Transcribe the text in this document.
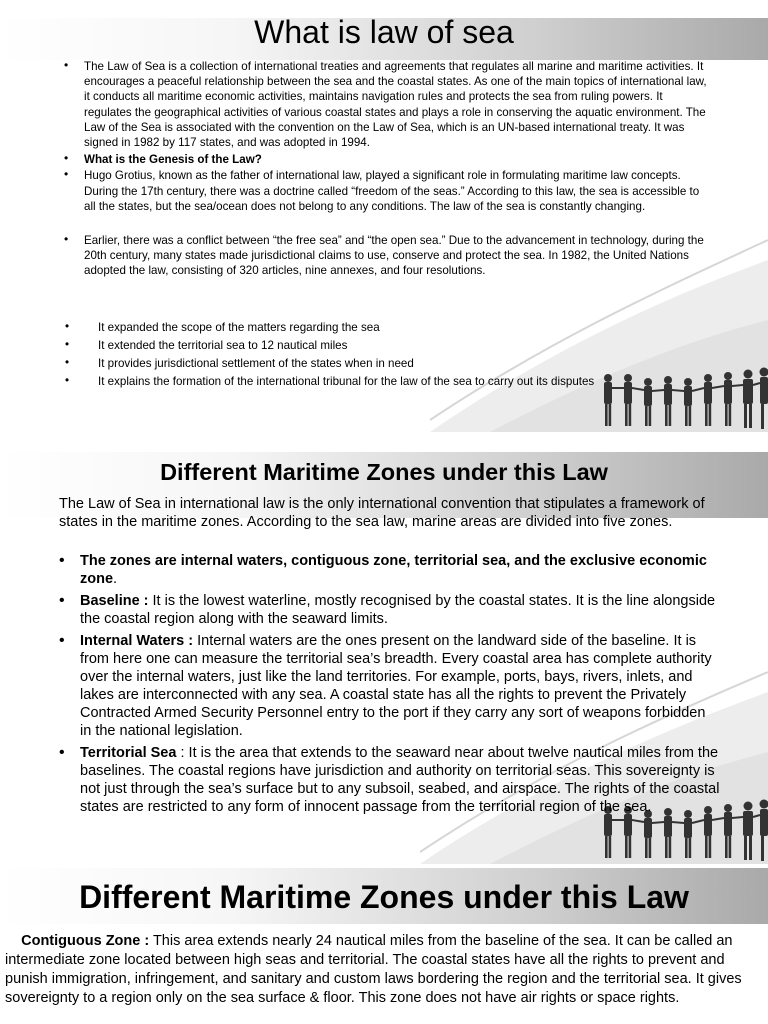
What is law of sea
• The Law of Sea is a collection of international treaties and agreements that regulates all marine and maritime activities. It encourages a peaceful relationship between the sea and the coastal states. As one of the main topics of international law, it conducts all maritime economic activities, maintains navigation rules and protects the sea from ruling powers. It regulates the geographical activities of various coastal states and plays a role in conserving the aquatic environment. The Law of the Sea is associated with the convention on the Law of Sea, which is an UN-based international treaty. It was signed in 1982 by 117 states, and was adopted in 1994.
• What is the Genesis of the Law?
• Hugo Grotius, known as the father of international law, played a significant role in formulating maritime law concepts. During the 17th century, there was a doctrine called “freedom of the seas.” According to this law, the sea is accessible to all the states, but the sea/ocean does not belong to any conditions. The law of the sea is constantly changing.
• Earlier, there was a conflict between “the free sea” and “the open sea.” Due to the advancement in technology, during the 20th century, many states made jurisdictional claims to use, conserve and protect the sea. In 1982, the United Nations adopted the law, consisting of 320 articles, nine annexes, and four resolutions.
• It expanded the scope of the matters regarding the sea
• It extended the territorial sea to 12 nautical miles
• It provides jurisdictional settlement of the states when in need
• It explains the formation of the international tribunal for the law of the sea to carry out its disputes
Different Maritime Zones under this Law

The Law of Sea in international law is the only international convention that stipulates a framework of states in the maritime zones. According to the sea law, marine areas are divided into five zones.

• The zones are internal waters, contiguous zone, territorial sea, and the exclusive economic zone.
• Baseline : It is the lowest waterline, mostly recognised by the coastal states. It is the line alongside the coastal region along with the seaward limits.
• Internal Waters : Internal waters are the ones present on the landward side of the baseline. It is from here one can measure the territorial sea’s breadth. Every coastal area has complete authority over the internal waters, just like the land territories. For example, ports, bays, rivers, inlets, and lakes are interconnected with any sea. A coastal state has all the rights to prevent the Privately Contracted Armed Security Personnel entry to the port if they carry any sort of weapons forbidden in the national legislation.
• Territorial Sea : It is the area that extends to the seaward near about twelve nautical miles from the baselines. The coastal regions have jurisdiction and authority on territorial seas. This sovereignty is not just through the sea’s surface but to any subsoil, seabed, and airspace. The rights of the coastal states are restricted to any form of innocent passage from the territorial region of the sea.
Different Maritime Zones under this Law

Contiguous Zone : This area extends nearly 24 nautical miles from the baseline of the sea. It can be called an intermediate zone located between high seas and territorial. The coastal states have all the rights to prevent and punish immigration, infringement, and sanitary and custom laws bordering the region and the territorial sea. It gives sovereignty to a region only on the sea surface & floor. This zone does not have air rights or space rights.
